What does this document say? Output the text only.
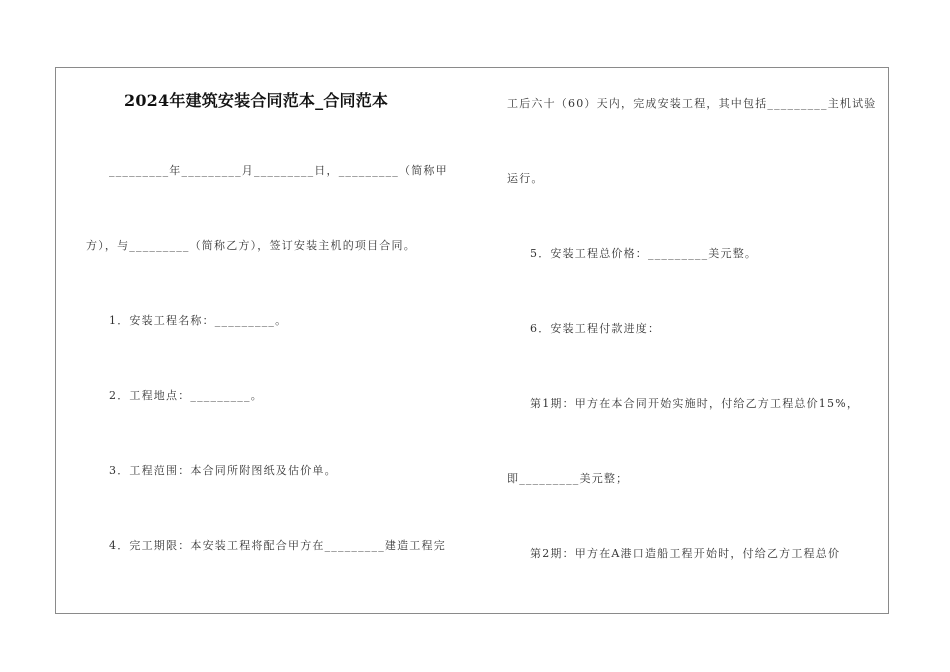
2024年建筑安装合同范本_合同范本
_________年_________月_________日，_________（简称甲
方），与_________（简称乙方），签订安装主机的项目合同。
1．安装工程名称：_________。
2．工程地点：_________。
3．工程范围：本合同所附图纸及估价单。
4．完工期限：本安装工程将配合甲方在_________建造工程完
工后六十（60）天内，完成安装工程，其中包括_________主机试验
运行。
5．安装工程总价格：_________美元整。
6．安装工程付款进度：
第1期：甲方在本合同开始实施时，付给乙方工程总价15%，
即_________美元整；
第2期：甲方在A港口造船工程开始时，付给乙方工程总价
